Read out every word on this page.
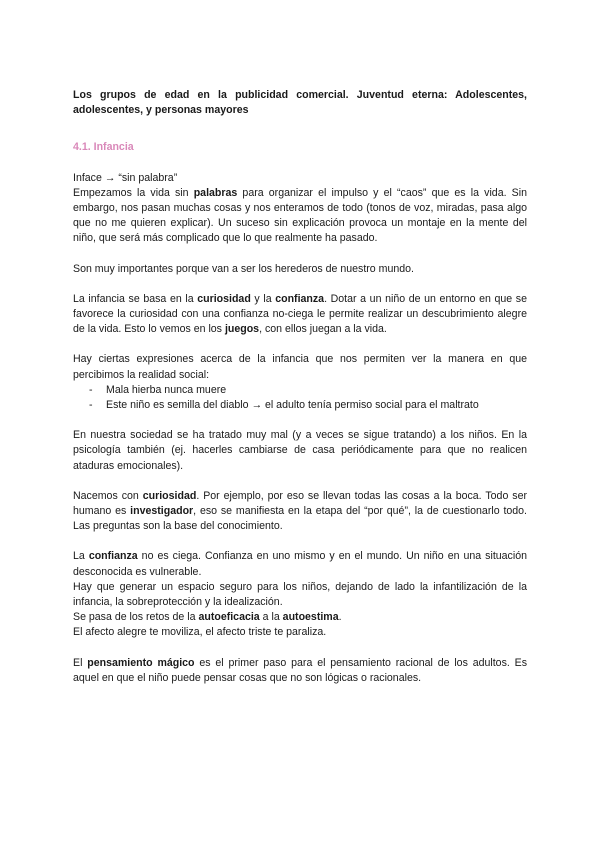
Los grupos de edad en la publicidad comercial. Juventud eterna: Adolescentes, adolescentes, y personas mayores

4.1. Infancia

Inface → “sin palabra”
Empezamos la vida sin palabras para organizar el impulso y el “caos” que es la vida. Sin embargo, nos pasan muchas cosas y nos enteramos de todo (tonos de voz, miradas, pasa algo que no me quieren explicar). Un suceso sin explicación provoca un montaje en la mente del niño, que será más complicado que lo que realmente ha pasado.

Son muy importantes porque van a ser los herederos de nuestro mundo.

La infancia se basa en la curiosidad y la confianza. Dotar a un niño de un entorno en que se favorece la curiosidad con una confianza no-ciega le permite realizar un descubrimiento alegre de la vida. Esto lo vemos en los juegos, con ellos juegan a la vida.

Hay ciertas expresiones acerca de la infancia que nos permiten ver la manera en que percibimos la realidad social:

- Mala hierba nunca muere
- Este niño es semilla del diablo → el adulto tenía permiso social para el maltrato

En nuestra sociedad se ha tratado muy mal (y a veces se sigue tratando) a los niños. En la psicología también (ej. hacerles cambiarse de casa periódicamente para que no realicen ataduras emocionales).

Nacemos con curiosidad. Por ejemplo, por eso se llevan todas las cosas a la boca. Todo ser humano es investigador, eso se manifiesta en la etapa del “por qué”, la de cuestionarlo todo. Las preguntas son la base del conocimiento.

La confianza no es ciega. Confianza en uno mismo y en el mundo. Un niño en una situación desconocida es vulnerable.

Hay que generar un espacio seguro para los niños, dejando de lado la infantilización de la infancia, la sobreprotección y la idealización.

Se pasa de los retos de la autoeficacia a la autoestima.

El afecto alegre te moviliza, el afecto triste te paraliza.

El pensamiento mágico es el primer paso para el pensamiento racional de los adultos. Es aquel en que el niño puede pensar cosas que no son lógicas o racionales.
